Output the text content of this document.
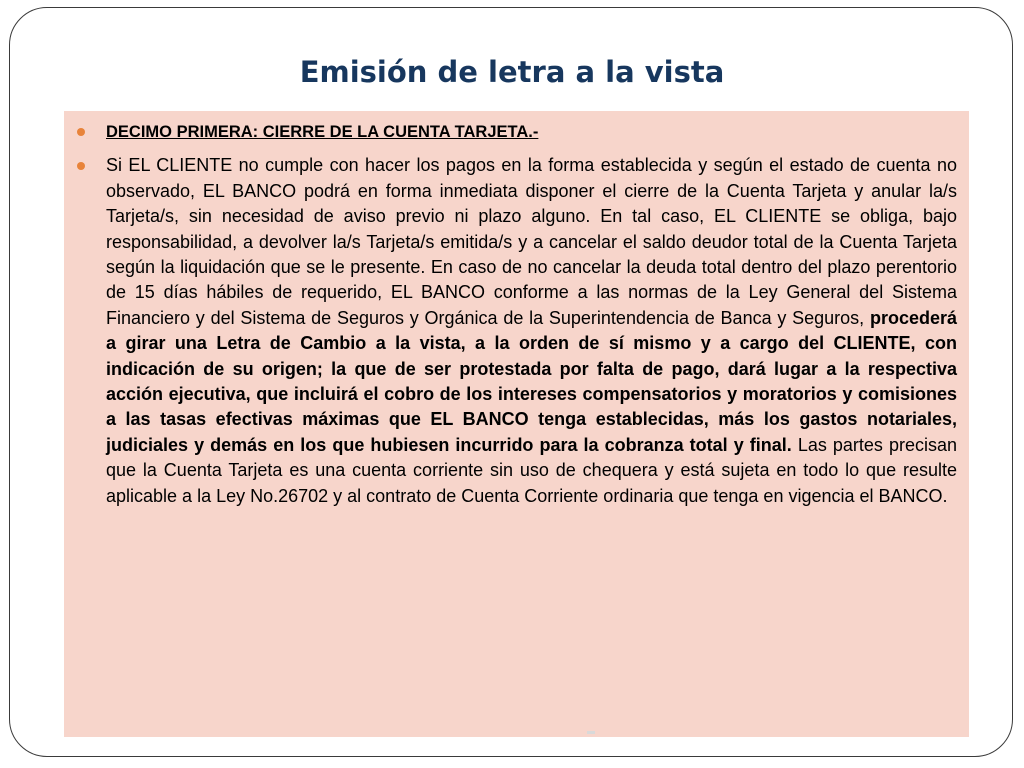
Emisión de letra a la vista
DECIMO PRIMERA: CIERRE DE LA CUENTA TARJETA.-
Si EL CLIENTE no cumple con hacer los pagos en la forma establecida y según el estado de cuenta no observado, EL BANCO podrá en forma inmediata disponer el cierre de la Cuenta Tarjeta y anular la/s Tarjeta/s, sin necesidad de aviso previo ni plazo alguno. En tal caso, EL CLIENTE se obliga, bajo responsabilidad, a devolver la/s Tarjeta/s emitida/s y a cancelar el saldo deudor total de la Cuenta Tarjeta según la liquidación que se le presente. En caso de no cancelar la deuda total dentro del plazo perentorio de 15 días hábiles de requerido, EL BANCO conforme a las normas de la Ley General del Sistema Financiero y del Sistema de Seguros y Orgánica de la Superintendencia de Banca y Seguros, procederá a girar una Letra de Cambio a la vista, a la orden de sí mismo y a cargo del CLIENTE, con indicación de su origen; la que de ser protestada por falta de pago, dará lugar a la respectiva acción ejecutiva, que incluirá el cobro de los intereses compensatorios y moratorios y comisiones a las tasas efectivas máximas que EL BANCO tenga establecidas, más los gastos notariales, judiciales y demás en los que hubiesen incurrido para la cobranza total y final. Las partes precisan que la Cuenta Tarjeta es una cuenta corriente sin uso de chequera y está sujeta en todo lo que resulte aplicable a la Ley No.26702 y al contrato de Cuenta Corriente ordinaria que tenga en vigencia el BANCO.
